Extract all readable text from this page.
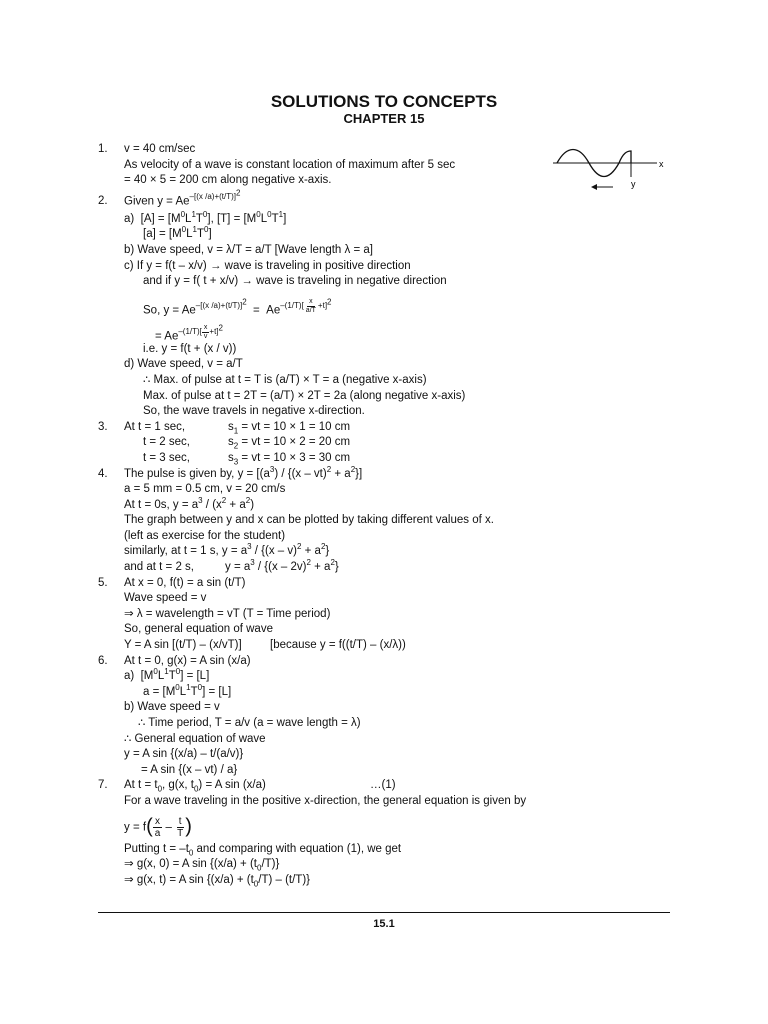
SOLUTIONS TO CONCEPTS
CHAPTER 15
x
y
1. v = 40 cm/sec
As velocity of a wave is constant location of maximum after 5 sec
= 40 × 5 = 200 cm along negative x-axis.
2. Given $y = Ae^{-[(x /a)+(t/T)]^2}$
a)  $[A] = [M^0L^1T^0]$, $[T] = [M^0L^0T^1]$
$[a] = [M^0L^1T^0]$
b) Wave speed, v = λ/T = a/T [Wave length λ = a]
c) If y = f(t – x/v) → wave is traveling in positive direction
and if y = f( t + x/v) → wave is traveling in negative direction
So, $y = Ae^{-[(x /a)+(t/T)]^2} = Ae^{-(1/T)[ \frac{x}{a/T} +t]^2}$
= $Ae^{-(1/T)[ \frac{x}{v} +t]^2}$
i.e. y = f(t + (x / v))
d) Wave speed, v = a/T
∴ Max. of pulse at t = T is (a/T) × T = a (negative x-axis)
Max. of pulse at t = 2T = (a/T) × 2T = 2a (along negative x-axis)
So, the wave travels in negative x-direction.
3. At t = 1 sec,	$s_1$ = vt = 10 × 1 = 10 cm
t = 2 sec,	$s_2$ = vt = 10 × 2 = 20 cm
t = 3 sec,	$s_3$ = vt = 10 × 3 = 30 cm
4. The pulse is given by, $y = [(a^3) / \{(x - vt)^2 + a^2\}]$
a = 5 mm = 0.5 cm, v = 20 cm/s
At t = 0s, $y = a^3 / (x^2 + a^2)$
The graph between y and x can be plotted by taking different values of x.
(left as exercise for the student)
similarly, at t = 1 s, $y = a^3 / \{(x - v)^2 + a^2\}$
and at t = 2 s,	$y = a^3 / \{(x - 2v)^2 + a^2\}$
5. At x = 0, f(t) = a sin (t/T)
Wave speed = v
⇒ λ = wavelength = vT (T = Time period)
So, general equation of wave
Y = A sin [(t/T) – (x/vT)] [because y = f((t/T) – (x/λ))
6. At t = 0, g(x) = A sin (x/a)
a)  $[M^0L^1T^0] = [L]$
$a = [M^0L^1T^0] = [L]$
b) Wave speed = v
∴ Time period, T = a/v (a = wave length = λ)
∴ General equation of wave
y = A sin {(x/a) – t/(a/v)}
= A sin {(x – vt) / a}
7. At $t = t_0$, g(x, $t_0) = A$ sin (x/a)	…(1)
For a wave traveling in the positive x-direction, the general equation is given by
$y = f( \frac{x}{a} - \frac{t}{T}$ )
Putting $t = -t_0$ and comparing with equation (1), we get
⇒ g(x, 0) = A $\sin \{(x/a) + (t_0/T)\}$
⇒ g(x, t) = A $\sin \{(x/a) + (t_0/T) - (t/T)\}$
15.1
